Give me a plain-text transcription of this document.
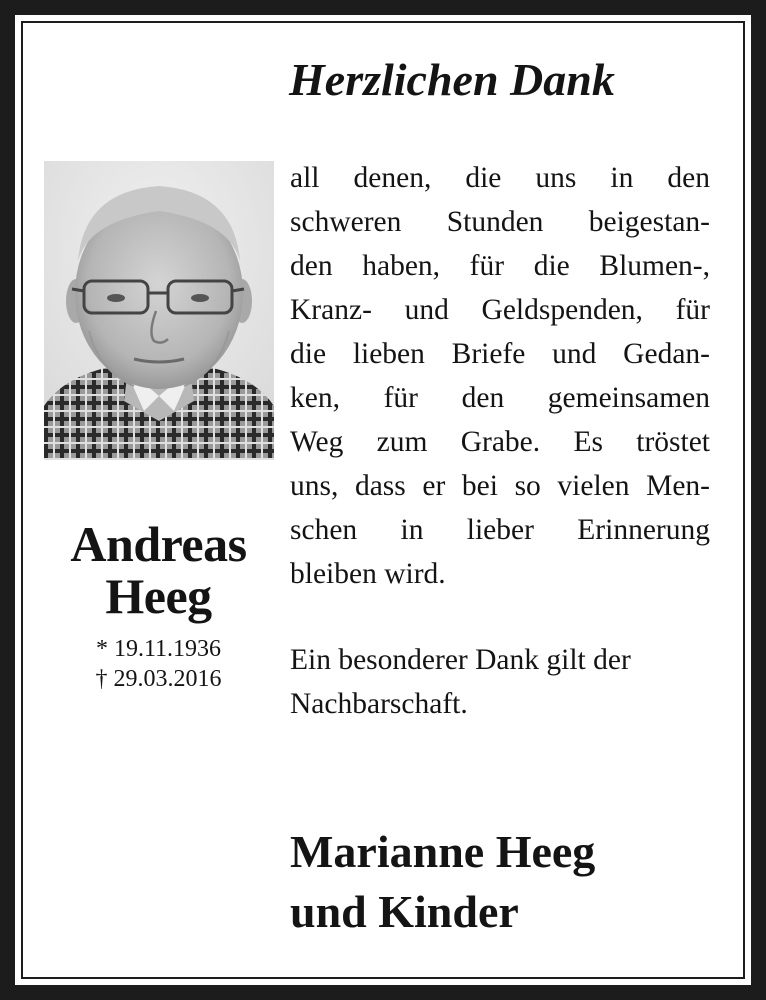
Herzlichen Dank
Andreas
Heeg
* 19.11.1936
† 29.03.2016
all denen, die uns in den
schweren Stunden beigestan-
den haben, für die Blumen-,
Kranz- und Geldspenden, für
die lieben Briefe und Gedan-
ken, für den gemeinsamen
Weg zum Grabe. Es tröstet
uns, dass er bei so vielen Men-
schen in lieber Erinnerung
bleiben wird.
Ein besonderer Dank gilt der
Nachbarschaft.
Marianne Heeg
und Kinder
